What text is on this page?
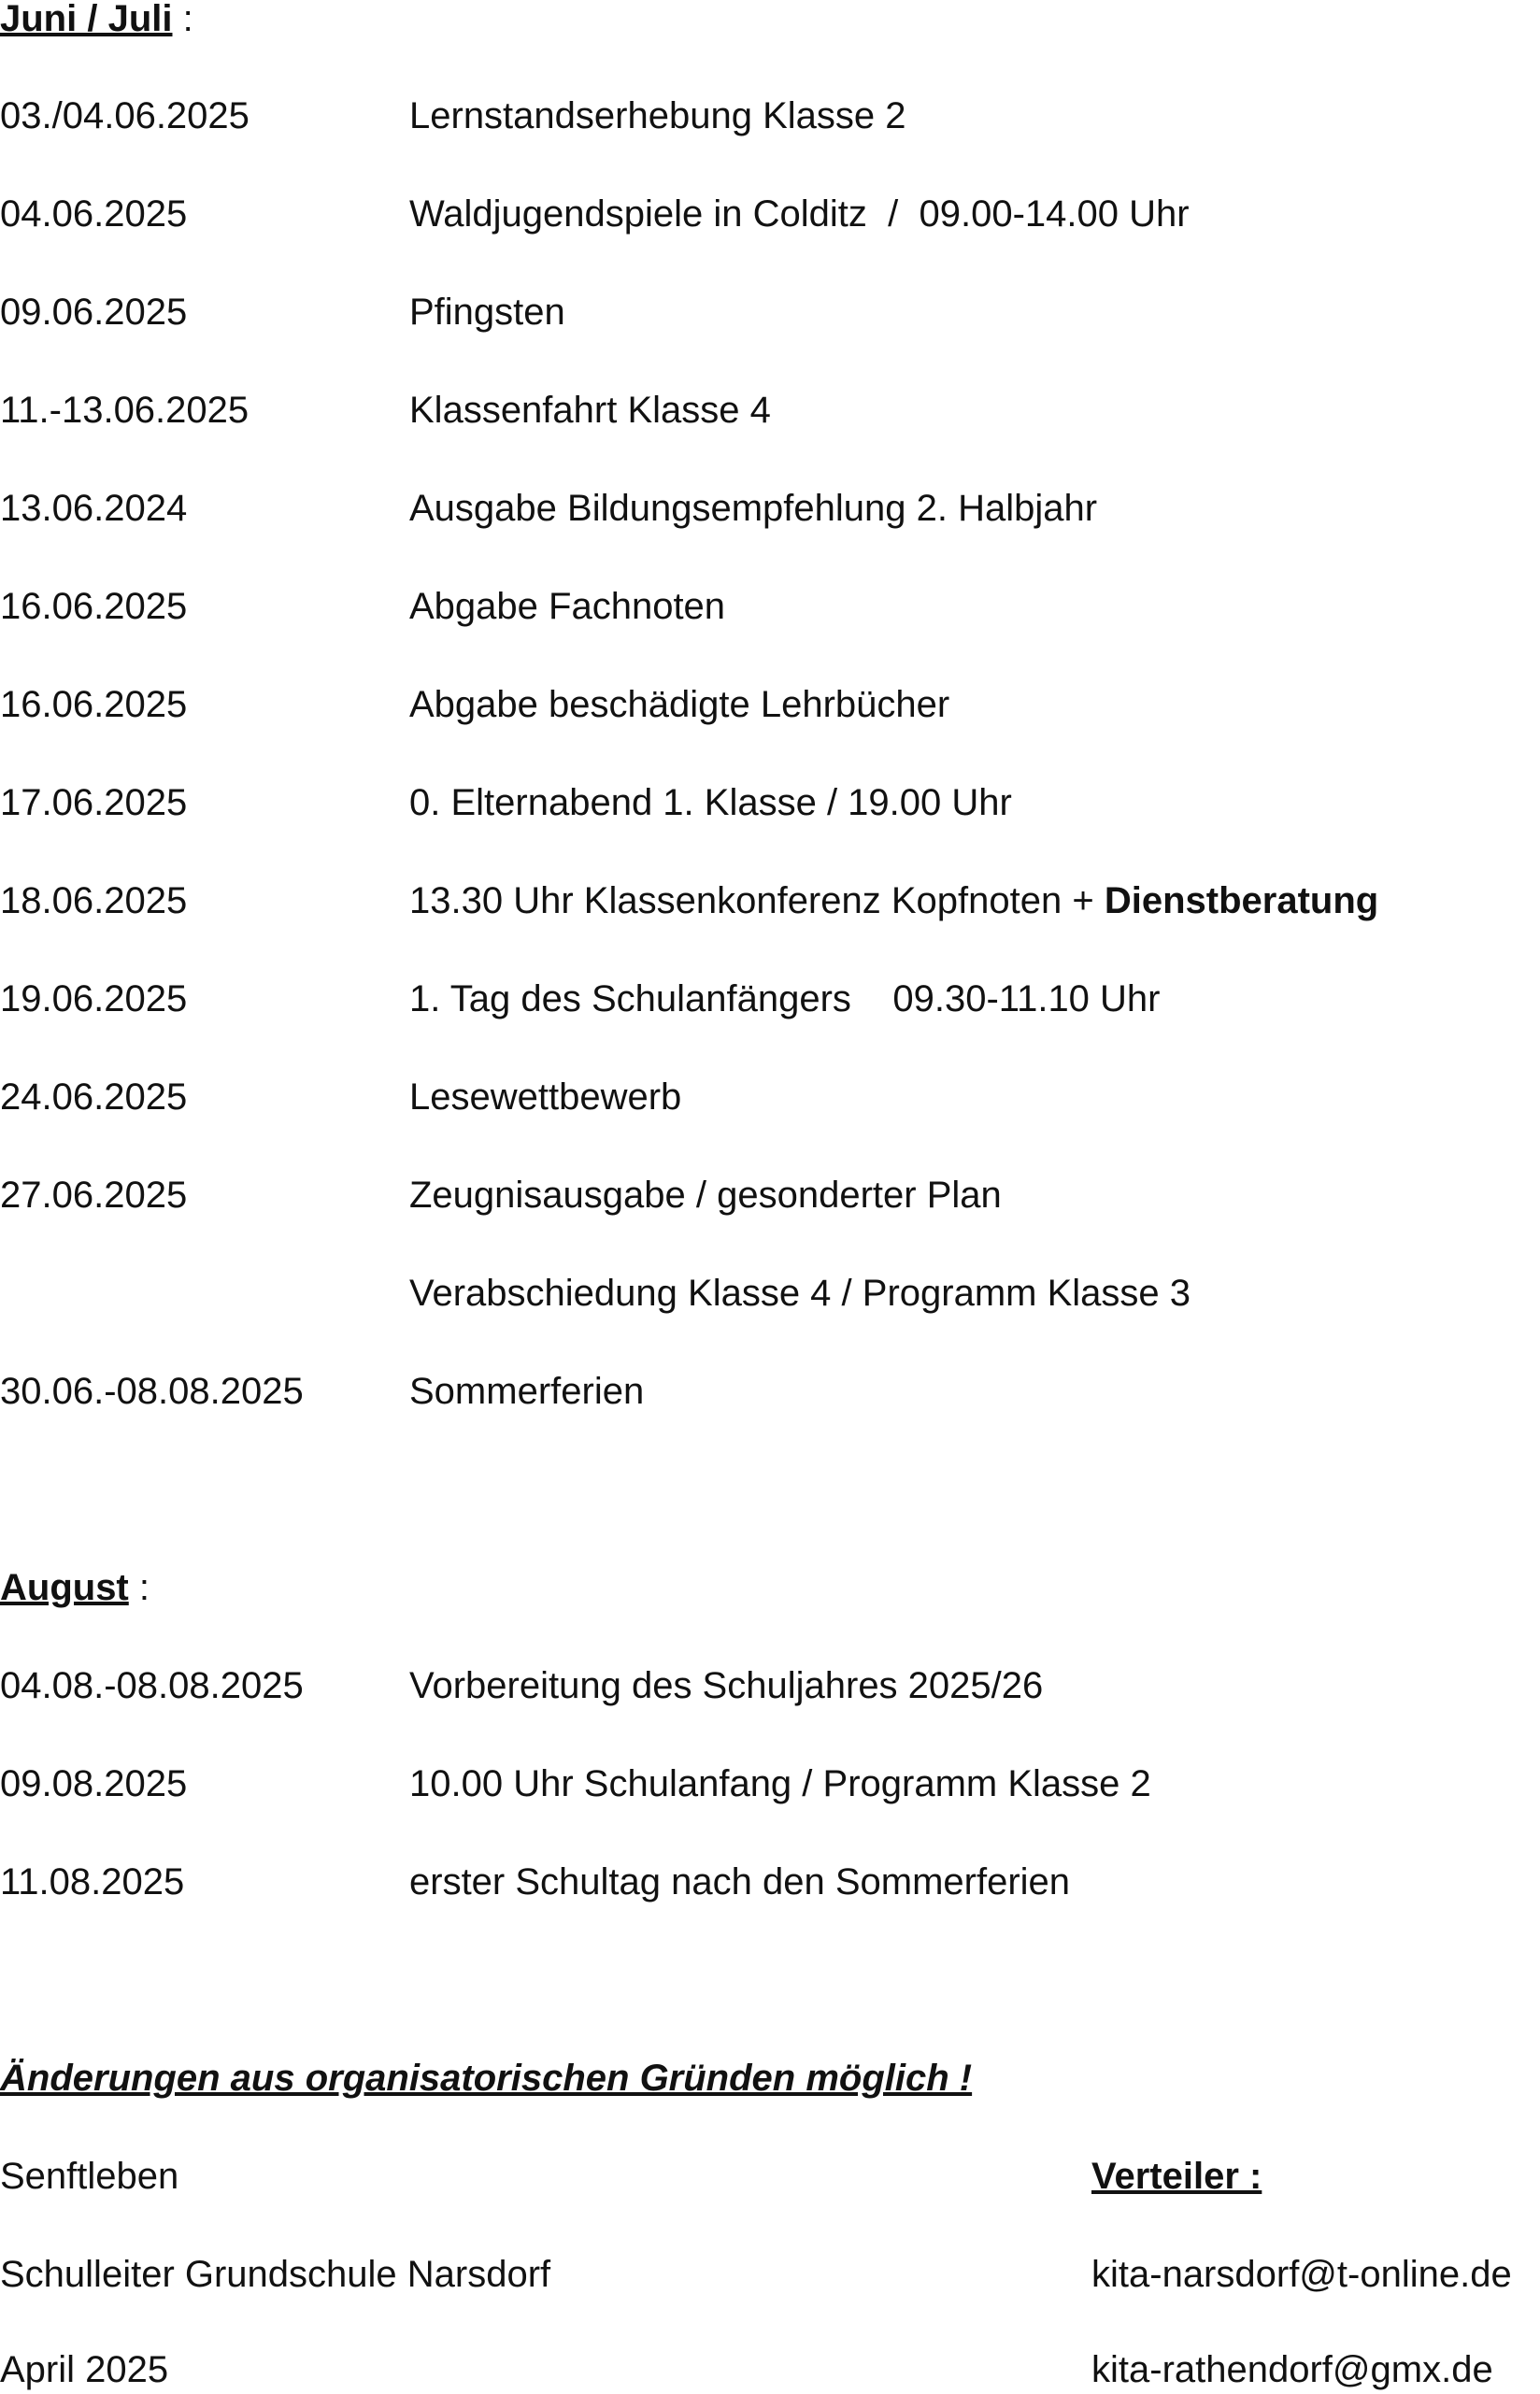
Juni / Juli :
03./04.06.2025	Lernstandserhebung Klasse 2
04.06.2025	Waldjugendspiele in Colditz  /  09.00-14.00 Uhr
09.06.2025	Pfingsten
11.-13.06.2025	Klassenfahrt Klasse 4
13.06.2024	Ausgabe Bildungsempfehlung 2. Halbjahr
16.06.2025	Abgabe Fachnoten
16.06.2025	Abgabe beschädigte Lehrbücher
17.06.2025	0. Elternabend 1. Klasse / 19.00 Uhr
18.06.2025	13.30 Uhr Klassenkonferenz Kopfnoten + Dienstberatung
19.06.2025	1. Tag des Schulanfängers    09.30-11.10 Uhr
24.06.2025	Lesewettbewerb
27.06.2025	Zeugnisausgabe / gesonderter Plan
Verabschiedung Klasse 4 / Programm Klasse 3
30.06.-08.08.2025	Sommerferien
August :
04.08.-08.08.2025	Vorbereitung des Schuljahres 2025/26
09.08.2025	10.00 Uhr Schulanfang / Programm Klasse 2
11.08.2025	erster Schultag nach den Sommerferien
Änderungen aus organisatorischen Gründen möglich !
Senftleben	Verteiler :
Schulleiter Grundschule Narsdorf	kita-narsdorf@t-online.de
April 2025	kita-rathendorf@gmx.de
